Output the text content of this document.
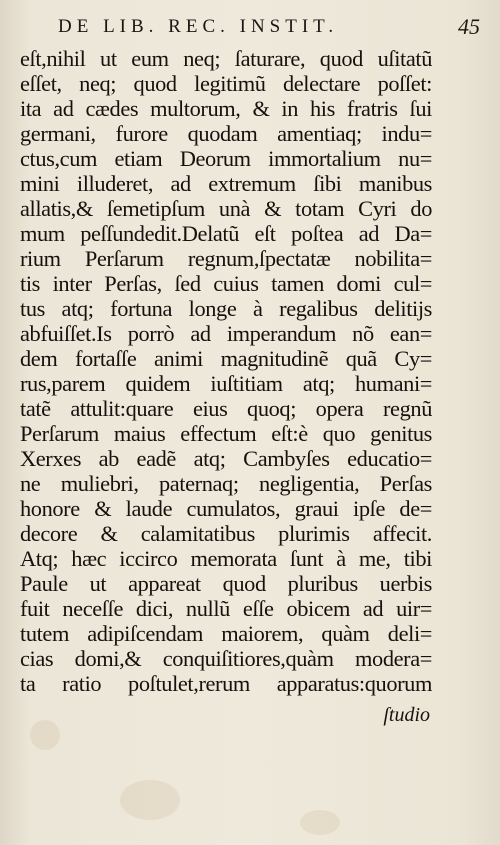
DE LIB. REC. INSTIT.	45
eſt,nihil ut eum neq; ſaturare, quod uſitatũ
eſſet, neq; quod legitimũ delectare poſſet:
ita ad cædes multorum, & in his fratris ſui
germani, furore quodam amentiaq; indu=
ctus,cum etiam Deorum immortalium nu=
mini illuderet, ad extremum ſibi manibus
allatis,& ſemetipſum unà & totam Cyri do
mum peſſundedit.Delatũ eſt poſtea ad Da=
rium Perſarum regnum,ſpectatæ nobilita=
tis inter Perſas, ſed cuius tamen domi cul=
tus atq; fortuna longe à regalibus delitijs
abfuiſſet.Is porrò ad imperandum nõ ean=
dem fortaſſe animi magnitudinẽ quã Cy=
rus,parem quidem iuſtitiam atq; humani=
tatẽ attulit:quare eius quoq; opera regnũ
Perſarum maius effectum eſt:è quo genitus
Xerxes ab eadẽ atq; Cambyſes educatio=
ne muliebri, paternaq; negligentia, Perſas
honore & laude cumulatos, graui ipſe de=
decore & calamitatibus plurimis affecit.
Atq; hæc iccirco memorata ſunt à me, tibi
Paule ut appareat quod pluribus uerbis
fuit neceſſe dici, nullũ eſſe obicem ad uir=
tutem adipiſcendam maiorem, quàm deli=
cias domi,& conquiſitiores,quàm modera=
ta ratio poſtulet,rerum apparatus:quorum
ſtudio
